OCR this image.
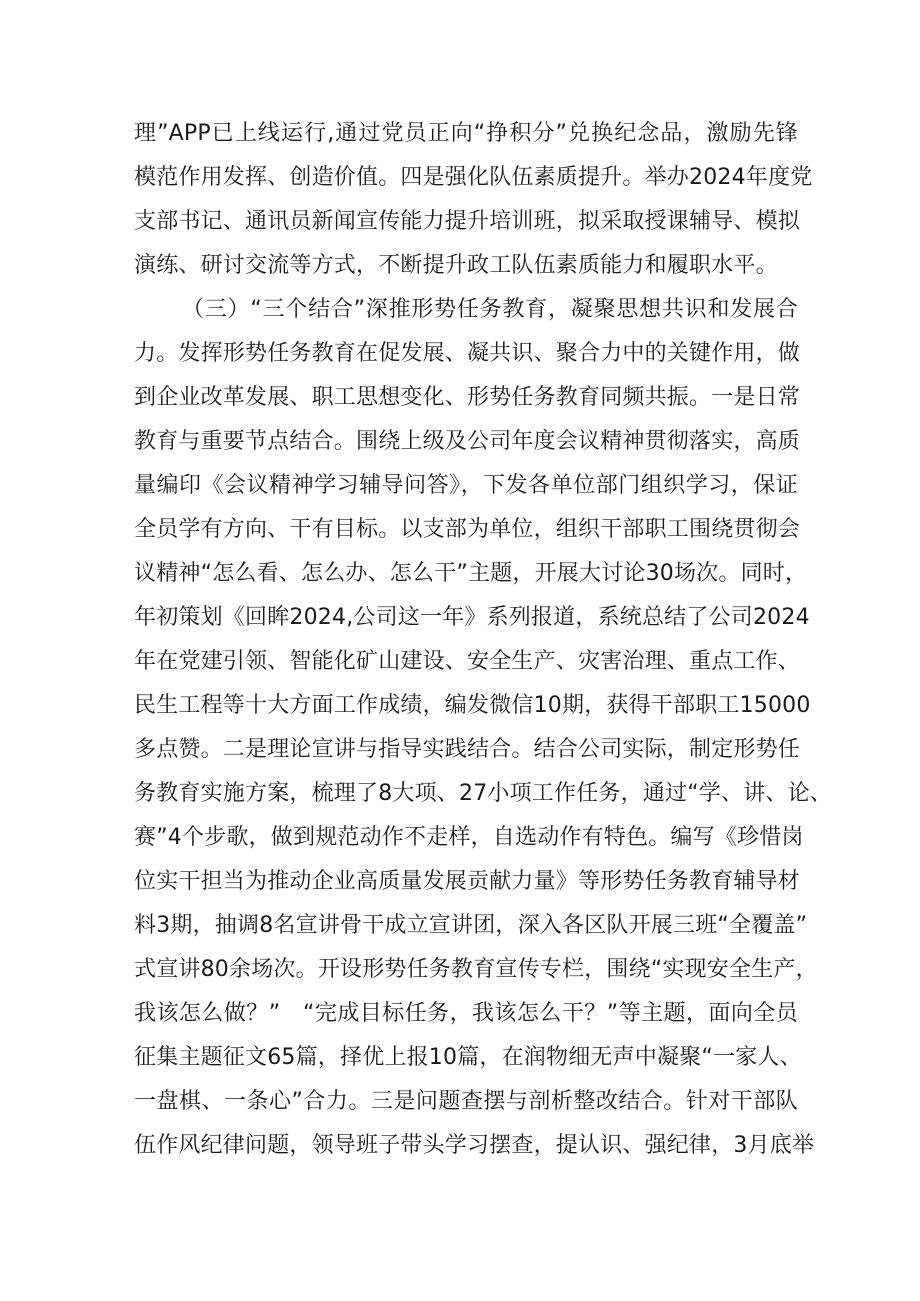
理”APP已上线运行,通过党员正向“挣积分”兑换纪念品，激励先锋
模范作用发挥、创造价值。四是强化队伍素质提升。举办2024年度党
支部书记、通讯员新闻宣传能力提升培训班，拟采取授课辅导、模拟
演练、研讨交流等方式，不断提升政工队伍素质能力和履职水平。
（三）“三个结合”深推形势任务教育，凝聚思想共识和发展合
力。发挥形势任务教育在促发展、凝共识、聚合力中的关键作用，做
到企业改革发展、职工思想变化、形势任务教育同频共振。一是日常
教育与重要节点结合。围绕上级及公司年度会议精神贯彻落实，高质
量编印《会议精神学习辅导问答》，下发各单位部门组织学习，保证
全员学有方向、干有目标。以支部为单位，组织干部职工围绕贯彻会
议精神“怎么看、怎么办、怎么干”主题，开展大讨论30场次。同时，
年初策划《回眸2024,公司这一年》系列报道，系统总结了公司2024
年在党建引领、智能化矿山建设、安全生产、灾害治理、重点工作、
民生工程等十大方面工作成绩，编发微信10期，获得干部职工15000
多点赞。二是理论宣讲与指导实践结合。结合公司实际，制定形势任
务教育实施方案，梳理了8大项、27小项工作任务，通过“学、讲、论、
赛”4个步歌，做到规范动作不走样，自选动作有特色。编写《珍惜岗
位实干担当为推动企业高质量发展贡献力量》等形势任务教育辅导材
料3期，抽调8名宣讲骨干成立宣讲团，深入各区队开展三班“全覆盖”
式宣讲80余场次。开设形势任务教育宣传专栏，围绕“实现安全生产，
我该怎么做？”　“完成目标任务，我该怎么干？”等主题，面向全员
征集主题征文65篇，择优上报10篇，在润物细无声中凝聚“一家人、
一盘棋、一条心”合力。三是问题查摆与剖析整改结合。针对干部队
伍作风纪律问题，领导班子带头学习摆查，提认识、强纪律，3月底举
